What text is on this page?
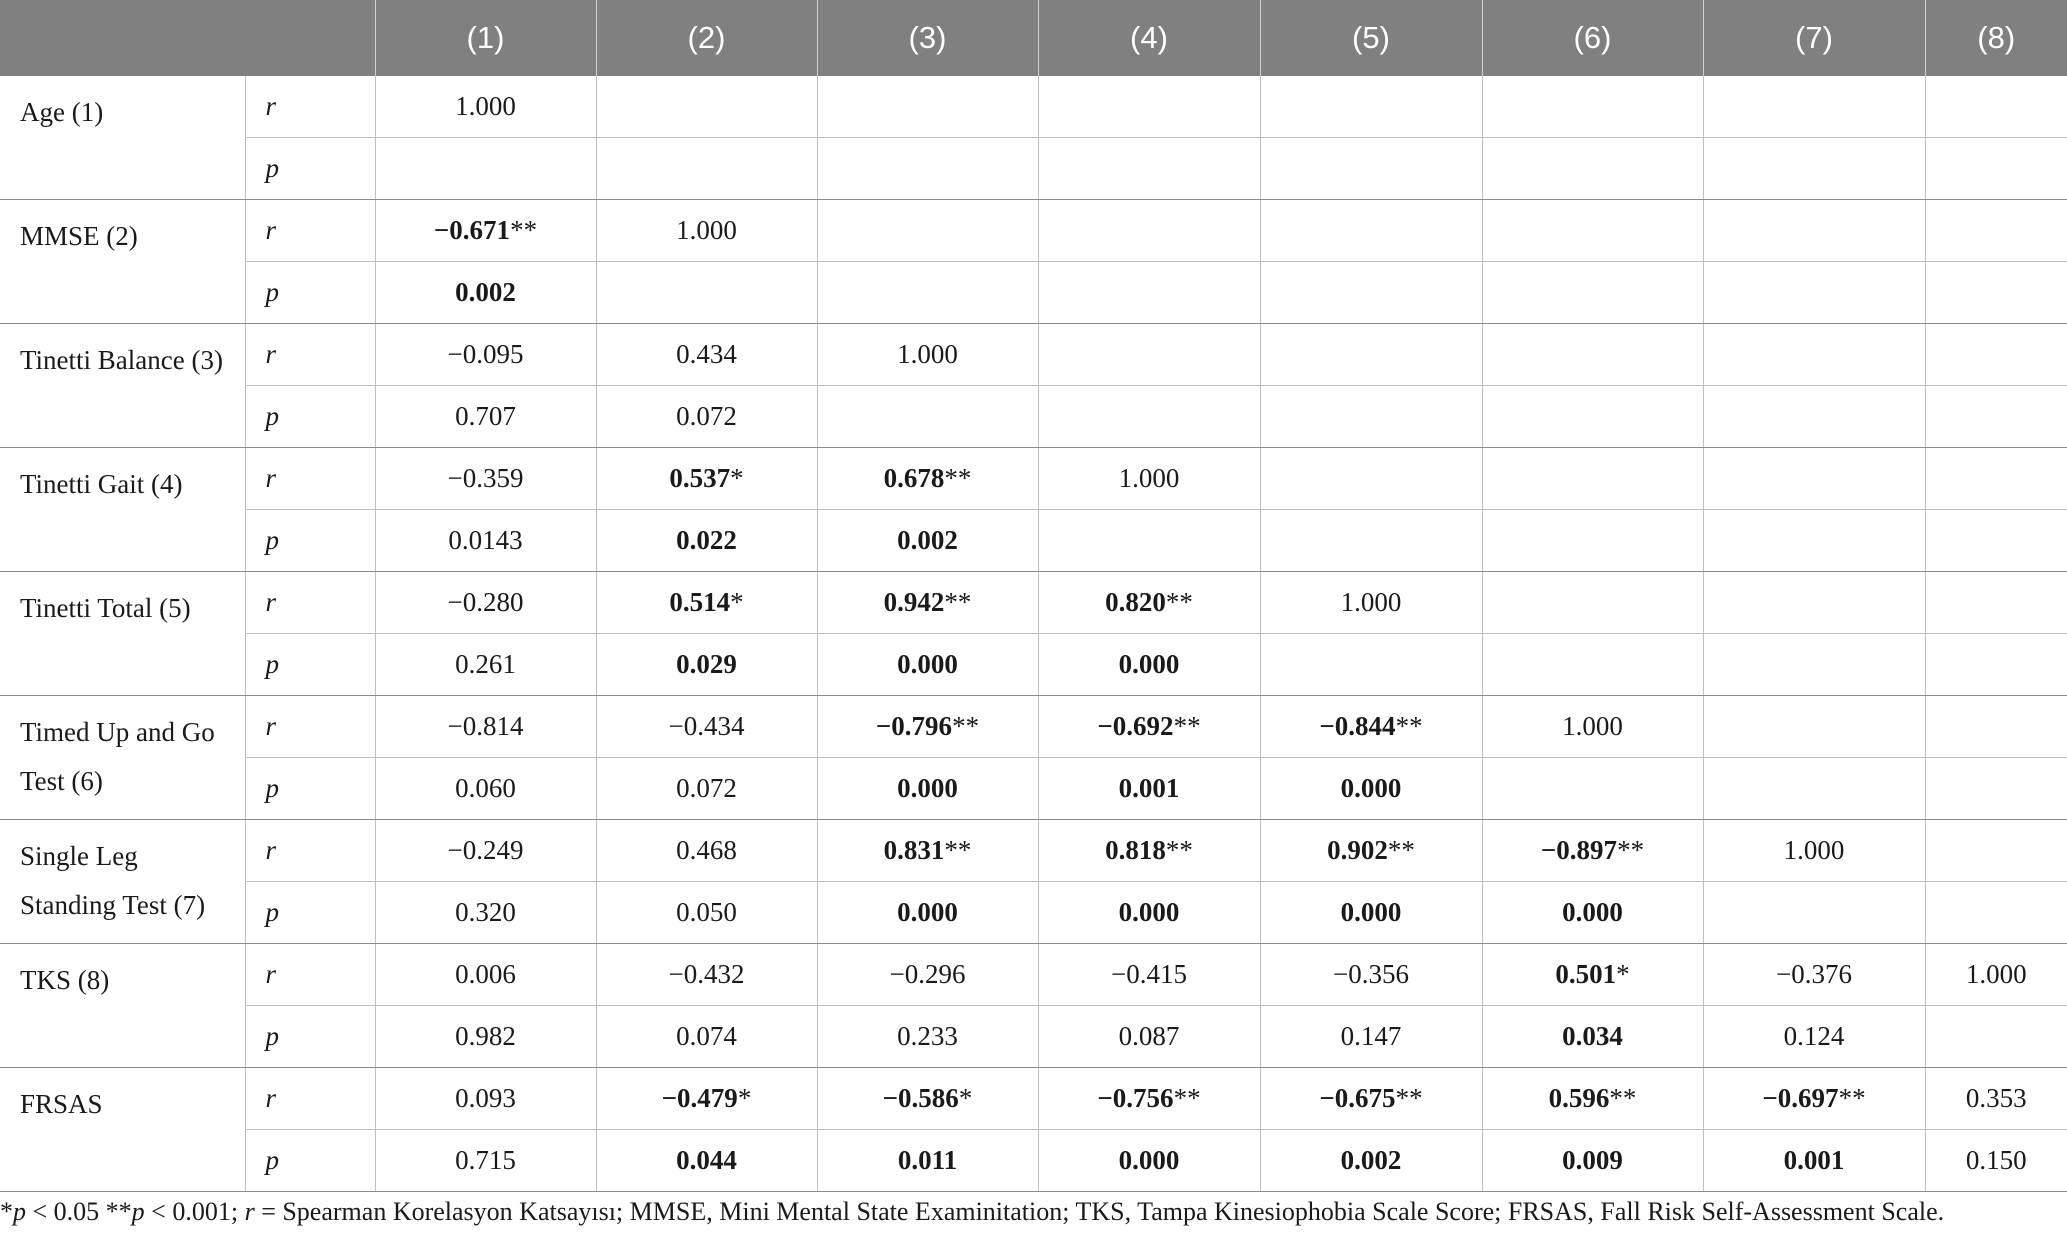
		(1)	(2)	(3)	(4)	(5)	(6)	(7)	(8)
Age (1)	r	1.000							
	p								
MMSE (2)	r	−0.671**	1.000						
	p	0.002							
Tinetti Balance (3)	r	−0.095	0.434	1.000					
	p	0.707	0.072						
Tinetti Gait (4)	r	−0.359	0.537*	0.678**	1.000				
	p	0.0143	0.022	0.002					
Tinetti Total (5)	r	−0.280	0.514*	0.942**	0.820**	1.000			
	p	0.261	0.029	0.000	0.000				
Timed Up and Go Test (6)	r	−0.814	−0.434	−0.796**	−0.692**	−0.844**	1.000		
	p	0.060	0.072	0.000	0.001	0.000			
Single Leg Standing Test (7)	r	−0.249	0.468	0.831**	0.818**	0.902**	−0.897**	1.000	
	p	0.320	0.050	0.000	0.000	0.000	0.000		
TKS (8)	r	0.006	−0.432	−0.296	−0.415	−0.356	0.501*	−0.376	1.000
	p	0.982	0.074	0.233	0.087	0.147	0.034	0.124	
FRSAS	r	0.093	−0.479*	−0.586*	−0.756**	−0.675**	0.596**	−0.697**	0.353
	p	0.715	0.044	0.011	0.000	0.002	0.009	0.001	0.150
*p < 0.05 **p < 0.001; r = Spearman Korelasyon Katsayısı; MMSE, Mini Mental State Examinitation; TKS, Tampa Kinesiophobia Scale Score; FRSAS, Fall Risk Self-Assessment Scale.
